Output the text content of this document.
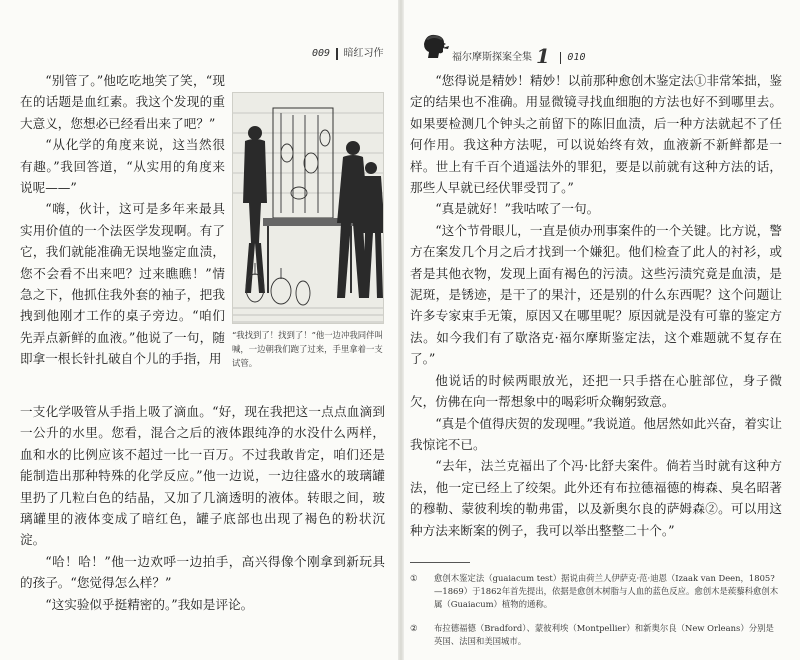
009 暗红习作	福尔摩斯探案全集 1 010

“别管了。”他吃吃地笑了笑，“现在的话题是血红素。我这个发现的重大意义，您想必已经看出来了吧？”

“从化学的角度来说，这当然很有趣。”我回答道，“从实用的角度来说呢——”

“嗨，伙计，这可是多年来最具实用价值的一个法医学发现啊。有了它，我们就能准确无误地鉴定血渍，您不会看不出来吧？过来瞧瞧！”情急之下，他抓住我外套的袖子，把我拽到他刚才工作的桌子旁边。“咱们先弄点新鲜的血液。”他说了一句，随即拿一根长针扎破自个儿的手指，用

“我找到了！找到了！”他一边冲我同伴叫喊，一边朝我们跑了过来，手里拿着一支试管。

一支化学吸管从手指上吸了滴血。“好，现在我把这一点点血滴到一公升的水里。您看，混合之后的液体跟纯净的水没什么两样，血和水的比例应该不超过一比一百万。不过我敢肯定，咱们还是能制造出那种特殊的化学反应。”他一边说，一边往盛水的玻璃罐里扔了几粒白色的结晶，又加了几滴透明的液体。转眼之间，玻璃罐里的液体变成了暗红色，罐子底部也出现了褐色的粉状沉淀。

“哈！哈！”他一边欢呼一边拍手，高兴得像个刚拿到新玩具的孩子。“您觉得怎么样？”

“这实验似乎挺精密的。”我如是评论。

“您得说是精妙！精妙！以前那种愈创木鉴定法①非常笨拙，鉴定的结果也不准确。用显微镜寻找血细胞的方法也好不到哪里去。如果要检测几个钟头之前留下的陈旧血渍，后一种方法就起不了任何作用。我这种方法呢，可以说始终有效，血液新不新鲜都是一样。世上有千百个逍遥法外的罪犯，要是以前就有这种方法的话，那些人早就已经伏罪受罚了。”

“真是就好！”我咕哝了一句。

“这个节骨眼儿，一直是侦办刑事案件的一个关键。比方说，警方在案发几个月之后才找到一个嫌犯。他们检查了此人的衬衫，或者是其他衣物，发现上面有褐色的污渍。这些污渍究竟是血渍，是泥斑，是锈迹，是干了的果汁，还是别的什么东西呢？这个问题让许多专家束手无策，原因又在哪里呢？原因就是没有可靠的鉴定方法。如今我们有了歇洛克·福尔摩斯鉴定法，这个难题就不复存在了。”

他说话的时候两眼放光，还把一只手搭在心脏部位，身子微欠，仿佛在向一帮想象中的喝彩听众鞠躬致意。

“真是个值得庆贺的发现哩。”我说道。他居然如此兴奋，着实让我惊诧不已。

“去年，法兰克福出了个冯·比舒夫案件。倘若当时就有这种方法，他一定已经上了绞架。此外还有布拉德福德的梅森、臭名昭著的穆勒、蒙彼利埃的勒弗雷，以及新奥尔良的萨姆森②。可以用这种方法来断案的例子，我可以举出整整二十个。”

①	愈创木鉴定法（guaiacum test）据说由荷兰人伊萨克·范·迪恩（Izaak van Deen，1805?—1869）于1862年首先提出，依据是愈创木树脂与人血的蓝色反应。愈创木是蒺藜科愈创木属（Guaiacum）植物的通称。
②	布拉德福德（Bradford）、蒙彼利埃（Montpellier）和新奥尔良（New Orleans）分别是英国、法国和美国城市。
